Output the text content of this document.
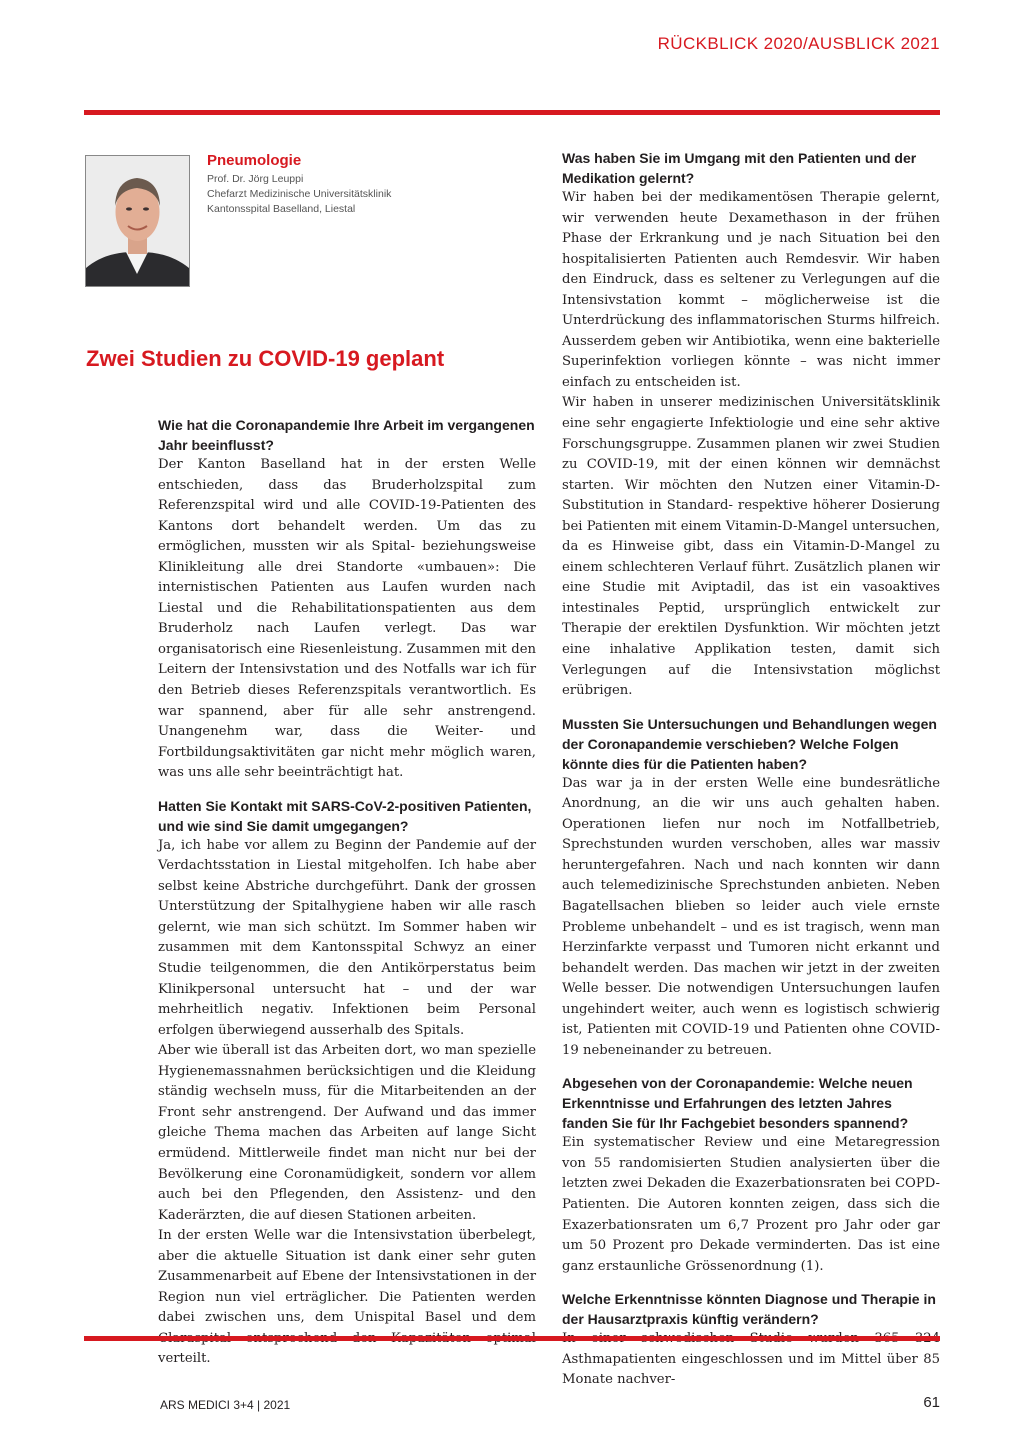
RÜCKBLICK 2020/AUSBLICK 2021
Pneumologie
Prof. Dr. Jörg Leuppi
Chefarzt Medizinische Universitätsklinik
Kantonsspital Baselland, Liestal
Zwei Studien zu COVID-19 geplant
Wie hat die Coronapandemie Ihre Arbeit im vergangenen Jahr beeinflusst?

Der Kanton Baselland hat in der ersten Welle entschieden, dass das Bruderholzspital zum Referenzspital wird und alle COVID-19-Patienten des Kantons dort behandelt werden. Um das zu ermöglichen, mussten wir als Spital- beziehungsweise Klinikleitung alle drei Standorte «umbauen»: Die internistischen Patienten aus Laufen wurden nach Liestal und die Rehabilitationspatienten aus dem Bruderholz nach Laufen verlegt. Das war organisatorisch eine Riesenleistung. Zusammen mit den Leitern der Intensivstation und des Notfalls war ich für den Betrieb dieses Referenzspitals verantwortlich. Es war spannend, aber für alle sehr anstrengend. Unangenehm war, dass die Weiter- und Fortbildungsaktivitäten gar nicht mehr möglich waren, was uns alle sehr beeinträchtigt hat.

Hatten Sie Kontakt mit SARS-CoV-2-positiven Patienten, und wie sind Sie damit umgegangen?

Ja, ich habe vor allem zu Beginn der Pandemie auf der Verdachtsstation in Liestal mitgeholfen. Ich habe aber selbst keine Abstriche durchgeführt. Dank der grossen Unterstützung der Spitalhygiene haben wir alle rasch gelernt, wie man sich schützt. Im Sommer haben wir zusammen mit dem Kantonsspital Schwyz an einer Studie teilgenommen, die den Antikörperstatus beim Klinikpersonal untersucht hat – und der war mehrheitlich negativ. Infektionen beim Personal erfolgen überwiegend ausserhalb des Spitals.

Aber wie überall ist das Arbeiten dort, wo man spezielle Hygienemassnahmen berücksichtigen und die Kleidung ständig wechseln muss, für die Mitarbeitenden an der Front sehr anstrengend. Der Aufwand und das immer gleiche Thema machen das Arbeiten auf lange Sicht ermüdend. Mittlerweile findet man nicht nur bei der Bevölkerung eine Coronamüdigkeit, sondern vor allem auch bei den Pflegenden, den Assistenz- und den Kaderärzten, die auf diesen Stationen arbeiten.

In der ersten Welle war die Intensivstation überbelegt, aber die aktuelle Situation ist dank einer sehr guten Zusammenarbeit auf Ebene der Intensivstationen in der Region nun viel erträglicher. Die Patienten werden dabei zwischen uns, dem Unispital Basel und dem verteilt.

Was haben Sie im Umgang mit den Patienten und der Medikation gelernt?

Wir haben bei der medikamentösen Therapie gelernt, wir verwenden heute Dexamethason in der frühen Phase der Erkrankung und je nach Situation bei den hospitalisierten Patienten auch Remdesvir. Wir haben den Eindruck, dass es seltener zu Verlegungen auf die Intensivstation kommt – möglicherweise ist die Unterdrückung des inflammatorischen Sturms hilfreich. Ausserdem geben wir Antibiotika, wenn eine bakterielle Superinfektion vorliegen könnte – was nicht immer einfach zu entscheiden ist.

Wir haben in unserer medizinischen Universitätsklinik eine sehr engagierte Infektiologie und eine sehr aktive Forschungsgruppe. Zusammen planen wir zwei Studien zu COVID-19, mit der einen können wir demnächst starten. Wir möchten den Nutzen einer Vitamin-D-Substitution in Standard- respektive höherer Dosierung bei Patienten mit einem Vitamin-D-Mangel untersuchen, da es Hinweise gibt, dass ein Vitamin-D-Mangel zu einem schlechteren Verlauf führt. Zusätzlich planen wir eine Studie mit Aviptadil, das ist ein vasoaktives intestinales Peptid, ursprünglich entwickelt zur Therapie der erektilen Dysfunktion. Wir möchten jetzt eine inhalative Applikation testen, damit sich Verlegungen auf die Intensivstation möglichst erübrigen.

Mussten Sie Untersuchungen und Behandlungen wegen der Coronapandemie verschieben? Welche Folgen könnte dies für die Patienten haben?

Das war ja in der ersten Welle eine bundesrätliche Anordnung, an die wir uns auch gehalten haben. Operationen liefen nur noch im Notfallbetrieb, Sprechstunden wurden verschoben, alles war massiv heruntergefahren. Nach und nach konnten wir dann auch telemedizinische Sprechstunden anbieten. Neben Bagatellsachen blieben so leider auch viele ernste Probleme unbehandelt – und es ist tragisch, wenn man Herzinfarkte verpasst und Tumoren nicht erkannt und behandelt werden. Das machen wir jetzt in der zweiten Welle besser. Die notwendigen Untersuchungen laufen ungehindert weiter, auch wenn es logistisch schwierig ist, Patienten mit COVID-19 und Patienten ohne COVID-19 nebeneinander zu betreuen.

Abgesehen von der Coronapandemie: Welche neuen Erkenntnisse und Erfahrungen des letzten Jahres fanden Sie für Ihr Fachgebiet besonders spannend?

Ein systematischer Review und eine Metaregression von 55 randomisierten Studien analysierten über die letzten zwei Dekaden die Exazerbationsraten bei COPD-Patienten. Die Autoren konnten zeigen, dass sich die Exazerbationsraten um 6,7 Prozent pro Jahr oder gar um 50 Prozent pro Dekade verminderten. Das ist eine ganz erstaunliche Grössenordnung (1).

Welche Erkenntnisse könnten Diagnose und Therapie in der Hausarztpraxis künftig verändern?

Asthmapatienten eingeschlossen und im Mittel über 85 Monate nachver-

ARS MEDICI 3+4 | 2021	61
